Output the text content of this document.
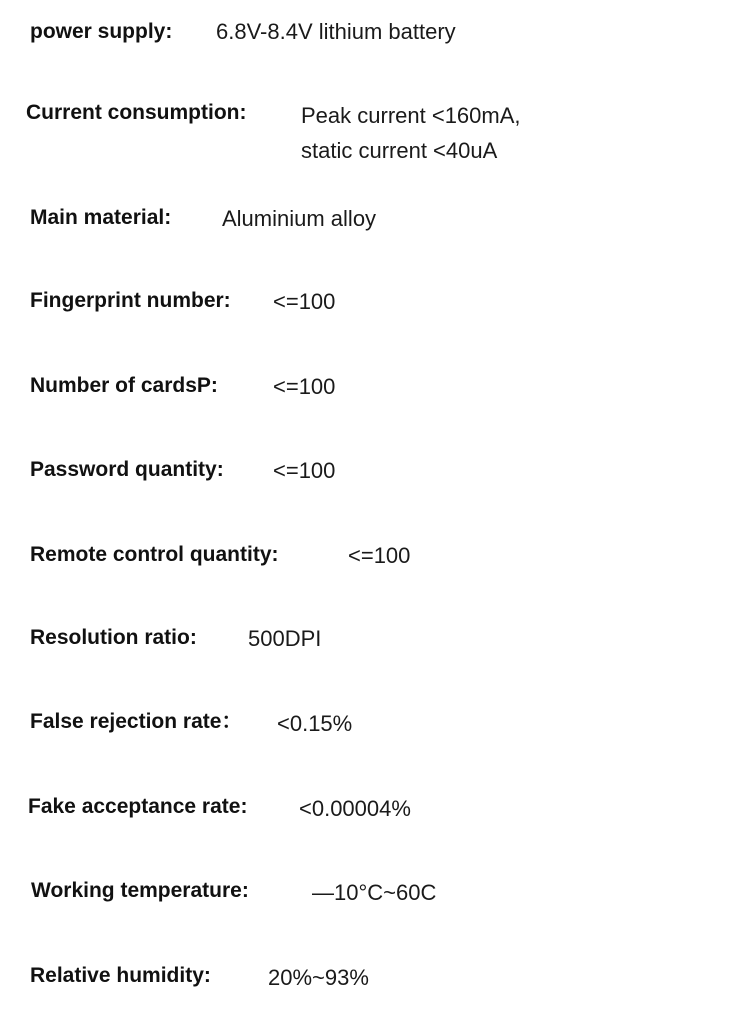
power supply: 6.8V-8.4V lithium battery
Current consumption: Peak current <160mA,
static current <40uA
Main material: Aluminium alloy
Fingerprint number: <=100
Number of cardsP:	<=100
Password quantity: <=100
Remote control quantity:	<=100
Resolution ratio: 500DPI
False rejection rate： <0.15%
Fake acceptance rate: <0.00004%
Working temperature:	—10°C~60C
Relative humidity:	20%~93%
